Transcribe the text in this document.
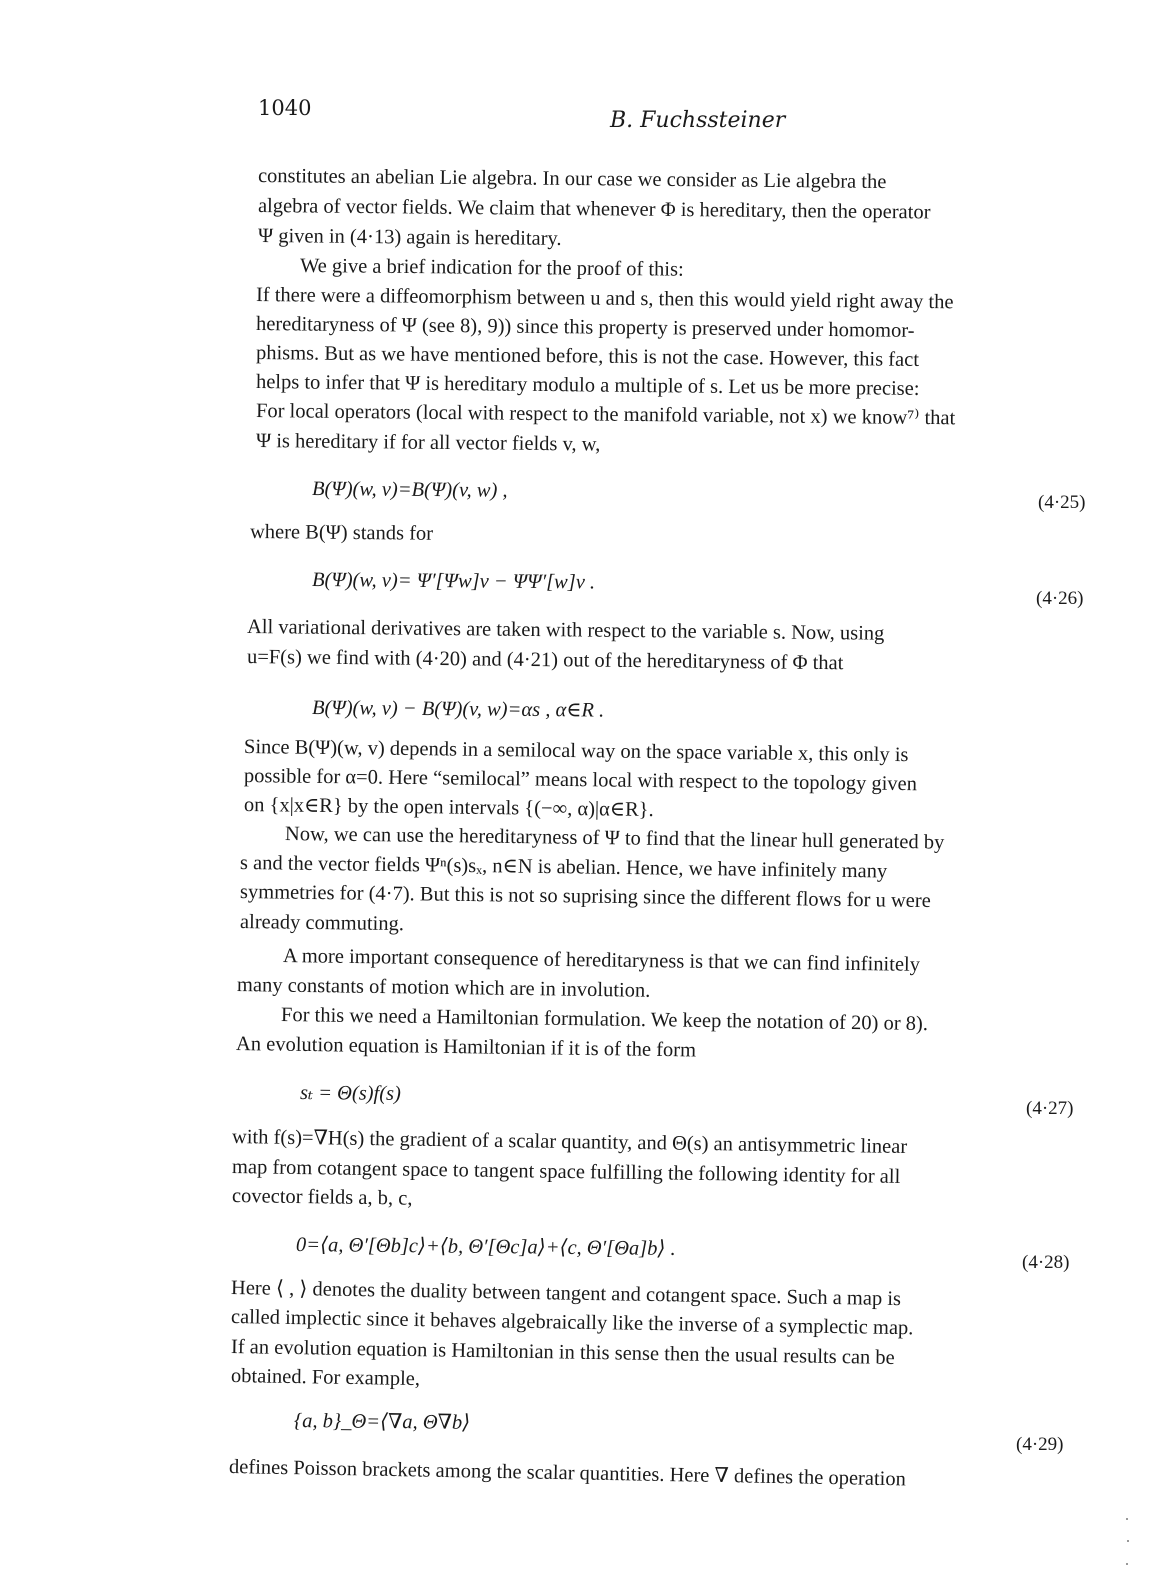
1040	B. Fuchssteiner
constitutes an abelian Lie algebra. In our case we consider as Lie algebra the
algebra of vector fields. We claim that whenever Φ is hereditary, then the operator
Ψ given in (4·13) again is hereditary.
We give a brief indication for the proof of this:
If there were a diffeomorphism between u and s, then this would yield right away the
hereditaryness of Ψ (see 8), 9)) since this property is preserved under homomor-
phisms. But as we have mentioned before, this is not the case. However, this fact
helps to infer that Ψ is hereditary modulo a multiple of s. Let us be more precise:
For local operators (local with respect to the manifold variable, not x) we know⁷⁾ that
Ψ is hereditary if for all vector fields v, w,
B(Ψ)(w, v)=B(Ψ)(v, w) ,
(4·25)
where B(Ψ) stands for
B(Ψ)(w, v)= Ψ′[Ψw]v − ΨΨ′[w]v .
(4·26)
All variational derivatives are taken with respect to the variable s. Now, using
u=F(s) we find with (4·20) and (4·21) out of the hereditaryness of Φ that
B(Ψ)(w, v) − B(Ψ)(v, w)=αs , α∈R .
Since B(Ψ)(w, v) depends in a semilocal way on the space variable x, this only is
possible for α=0. Here “semilocal” means local with respect to the topology given
on {x|x∈R} by the open intervals {(−∞, α)|α∈R}.
Now, we can use the hereditaryness of Ψ to find that the linear hull generated by
s and the vector fields Ψⁿ(s)sₓ, n∈N is abelian. Hence, we have infinitely many
symmetries for (4·7). But this is not so suprising since the different flows for u were
already commuting.
A more important consequence of hereditaryness is that we can find infinitely
many constants of motion which are in involution.
For this we need a Hamiltonian formulation. We keep the notation of 20) or 8).
An evolution equation is Hamiltonian if it is of the form
sₜ = Θ(s)f(s)
(4·27)
with f(s)=∇H(s) the gradient of a scalar quantity, and Θ(s) an antisymmetric linear
map from cotangent space to tangent space fulfilling the following identity for all
covector fields a, b, c,
0=⟨a, Θ′[Θb]c⟩+⟨b, Θ′[Θc]a⟩+⟨c, Θ′[Θa]b⟩ .
(4·28)
Here ⟨ , ⟩ denotes the duality between tangent and cotangent space. Such a map is
called implectic since it behaves algebraically like the inverse of a symplectic map.
If an evolution equation is Hamiltonian in this sense then the usual results can be
obtained. For example,
{a, b}_Θ=⟨∇a, Θ∇b⟩
(4·29)
defines Poisson brackets among the scalar quantities. Here ∇ defines the operation
